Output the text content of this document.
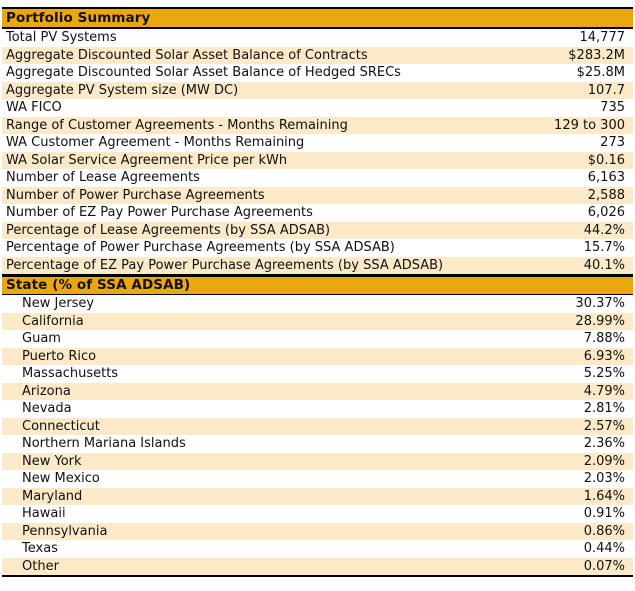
Portfolio Summary
Total PV Systems	14,777
Aggregate Discounted Solar Asset Balance of Contracts	$283.2M
Aggregate Discounted Solar Asset Balance of Hedged SRECs	$25.8M
Aggregate PV System size (MW DC)	107.7
WA FICO	735
Range of Customer Agreements - Months Remaining	129 to 300
WA Customer Agreement - Months Remaining	273
WA Solar Service Agreement Price per kWh	$0.16
Number of Lease Agreements	6,163
Number of Power Purchase Agreements	2,588
Number of EZ Pay Power Purchase Agreements	6,026
Percentage of Lease Agreements (by SSA ADSAB)	44.2%
Percentage of Power Purchase Agreements (by SSA ADSAB)	15.7%
Percentage of EZ Pay Power Purchase Agreements (by SSA ADSAB)	40.1%
State (% of SSA ADSAB)
New Jersey	30.37%
California	28.99%
Guam	7.88%
Puerto Rico	6.93%
Massachusetts	5.25%
Arizona	4.79%
Nevada	2.81%
Connecticut	2.57%
Northern Mariana Islands	2.36%
New York	2.09%
New Mexico	2.03%
Maryland	1.64%
Hawaii	0.91%
Pennsylvania	0.86%
Texas	0.44%
Other	0.07%
